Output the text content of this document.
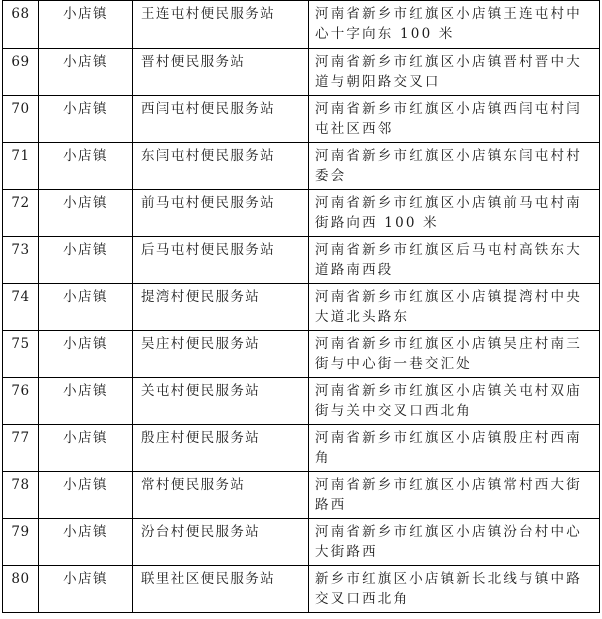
68	小店镇	王连屯村便民服务站	河南省新乡市红旗区小店镇王连屯村中心十字向东 100 米
69	小店镇	晋村便民服务站	河南省新乡市红旗区小店镇晋村晋中大道与朝阳路交叉口
70	小店镇	西闫屯村便民服务站	河南省新乡市红旗区小店镇西闫屯村闫屯社区西邻
71	小店镇	东闫屯村便民服务站	河南省新乡市红旗区小店镇东闫屯村村委会
72	小店镇	前马屯村便民服务站	河南省新乡市红旗区小店镇前马屯村南街路向西 100 米
73	小店镇	后马屯村便民服务站	河南省新乡市红旗区后马屯村高铁东大道路南西段
74	小店镇	提湾村便民服务站	河南省新乡市红旗区小店镇提湾村中央大道北头路东
75	小店镇	吴庄村便民服务站	河南省新乡市红旗区小店镇吴庄村南三街与中心街一巷交汇处
76	小店镇	关屯村便民服务站	河南省新乡市红旗区小店镇关屯村双庙街与关中交叉口西北角
77	小店镇	殷庄村便民服务站	河南省新乡市红旗区小店镇殷庄村西南角
78	小店镇	常村便民服务站	河南省新乡市红旗区小店镇常村西大街路西
79	小店镇	汾台村便民服务站	河南省新乡市红旗区小店镇汾台村中心大街路西
80	小店镇	联里社区便民服务站	新乡市红旗区小店镇新长北线与镇中路交叉口西北角
